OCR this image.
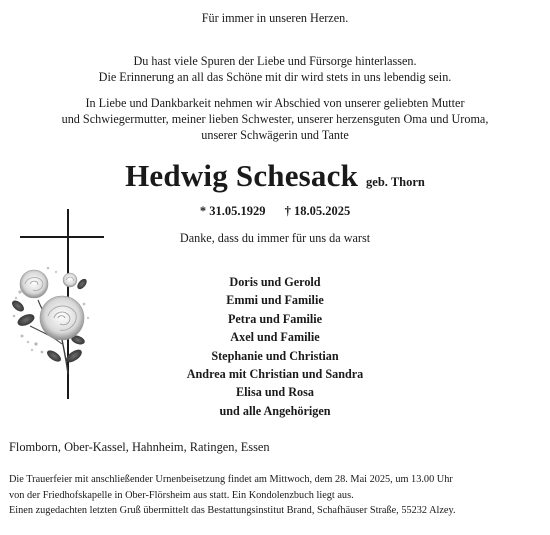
Für immer in unseren Herzen.
Du hast viele Spuren der Liebe und Fürsorge hinterlassen.
Die Erinnerung an all das Schöne mit dir wird stets in uns lebendig sein.
In Liebe und Dankbarkeit nehmen wir Abschied von unserer geliebten Mutter
und Schwiegermutter, meiner lieben Schwester, unserer herzensguten Oma und Uroma,
unserer Schwägerin und Tante
Hedwig Schesack geb. Thorn
* 31.05.1929 † 18.05.2025
Danke, dass du immer für uns da warst
Doris und Gerold
Emmi und Familie
Petra und Familie
Axel und Familie
Stephanie und Christian
Andrea mit Christian und Sandra
Elisa und Rosa
und alle Angehörigen
Flomborn, Ober-Kassel, Hahnheim, Ratingen, Essen
Die Trauerfeier mit anschließender Urnenbeisetzung findet am Mittwoch, dem 28. Mai 2025, um 13.00 Uhr
von der Friedhofskapelle in Ober-Flörsheim aus statt. Ein Kondolenzbuch liegt aus.
Einen zugedachten letzten Gruß übermittelt das Bestattungsinstitut Brand, Schafhäuser Straße, 55232 Alzey.
